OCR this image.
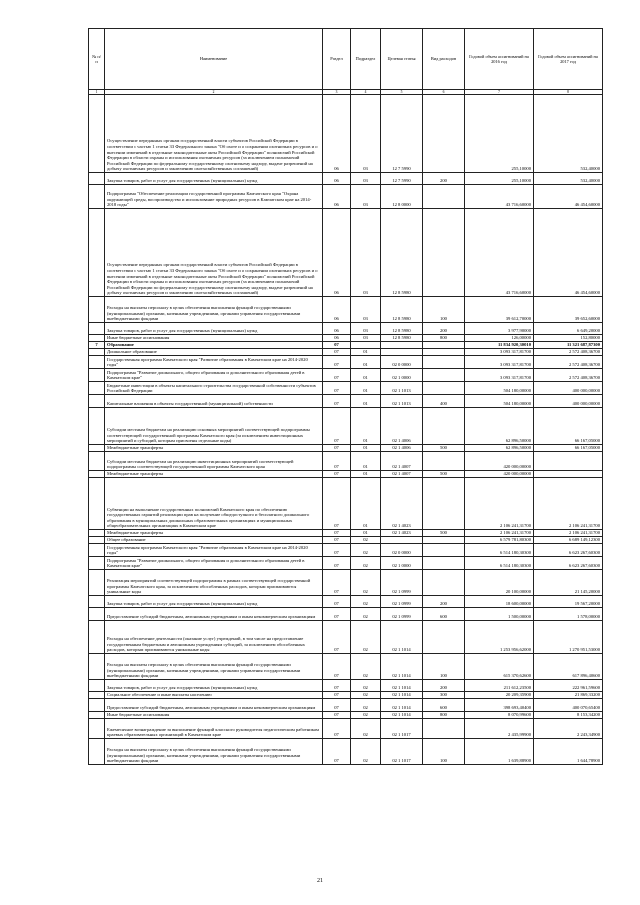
№ п/п	Наименование	Раздел	Подраздел	Целевая статья	Вид расходов	Годовой объем ассигнований на 2016 год	Годовой объем ассигнований на 2017 год
1	2	3	4	5	6	7	8
	Осуществление переданных органам государственной власти субъектов Российской Федерации в соответствии с частью 1 статьи 33 Федерального закона "Об охоте и о сохранении охотничьих ресурсов и о внесении изменений в отдельные законодательные акты Российской Федерации" полномочий Российской Федерации в области охраны и использования охотничьих ресурсов (за исключением полномочий Российской Федерации по федеральному государственному охотничьему надзору, выдаче разрешений на добычу охотничьих ресурсов и заключению охотхозяйственных соглашений)	06	03	12 7 5990		255,10000	532,40000
	Закупка товаров, работ и услуг для государственных (муниципальных) нужд	06	03	12 7 5990	200	255,10000	532,40000
	Подпрограмма "Обеспечение реализации государственной программы Камчатского края "Охрана окружающей среды, воспроизводство и использование природных ресурсов в Камчатском крае на 2014-2018 годы"	06	03	12 8 0000		43 716,60000	46 454,60000
	Осуществление переданных органам государственной власти субъектов Российской Федерации в соответствии с частью 1 статьи 33 Федерального закона "Об охоте и о сохранении охотничьих ресурсов и о внесении изменений в отдельные законодательные акты Российской Федерации" полномочий Российской Федерации в области охраны и использования охотничьих ресурсов (за исключением полномочий Российской Федерации по федеральному государственному охотничьему надзору, выдаче разрешений на добычу охотничьих ресурсов и заключению охотхозяйственных соглашений)	06	03	12 8 5980		43 716,60000	46 454,60000
	Расходы на выплаты персоналу в целях обеспечения выполнения функций государственными (муниципальными) органами, казенными учреждениями, органами управления государственными внебюджетными фондами	06	03	12 8 5980	100	39 612,70000	39 652,60000
	Закупка товаров, работ и услуг для государственных (муниципальных) нужд	06	03	12 8 5980	200	3 977,90000	6 649,20000
	Иные бюджетные ассигнования	06	03	12 8 5980	800	126,00000	152,80000
7	Образование	07				11 834 920,30010	11 321 687,87300
	Дошкольное образование	07	01			3 093 317,81700	2 572 408,36700
	Государственная программа Камчатского края "Развитие образования в Камчатском крае на 2014-2020 годы"	07	01	02 0 0000		3 093 317,81700	2 572 408,36700
	Подпрограмма "Развитие дошкольного, общего образования и дополнительного образования детей в Камчатском крае"	07	01	02 1 0000		3 093 317,81700	2 572 408,36700
	Бюджетные инвестиции в объекты капитального строительства государственной собственности субъектов Российской Федерации	07	01	02 1 1013		504 180,00000	400 000,00000
	Капитальные вложения в объекты государственной (муниципальной) собственности	07	01	02 1 1013	400	504 180,00000	400 000,00000
	Субсидии местным бюджетам на реализацию основных мероприятий соответствующей подпрограммы соответствующей государственной программы Камчатского края (за исключением инвестиционных мероприятий и субсидий, которым присвоены отдельные коды)	07	01	02 1 4006		62 896,50000	66 167,05000
	Межбюджетные трансферты	07	01	02 1 4006	500	62 896,50000	66 167,05000
	Субсидии местным бюджетам на реализацию инвестиционных мероприятий соответствующей подпрограммы соответствующей государственной программы Камчатского края	07	01	02 1 4007		420 000,00000	
	Межбюджетные трансферты	07	01	02 1 4007	500	420 000,00000	
	Субвенции на выполнение государственных полномочий Камчатского края по обеспечению государственных гарантий реализации прав на получение общедоступного и бесплатного дошкольного образования в муниципальных дошкольных образовательных организациях и муниципальных общеобразовательных организациях в Камчатском крае	07	01	02 1 4023		2 106 241,31700	2 106 241,31700
	Межбюджетные трансферты	07	01	02 1 4023	500	2 106 241,31700	2 106 241,31700
	Общее образование	07	02			6 579 781,80300	6 689 149,12300
	Государственная программа Камчатского края "Развитие образования в Камчатском крае на 2014-2020 годы"	07	02	02 0 0000		6 514 180,30300	6 623 267,60300
	Подпрограмма "Развитие дошкольного, общего образования и дополнительного образования детей в Камчатском крае"	07	02	02 1 0000		6 514 180,30300	6 623 267,60300
	Реализация мероприятий соответствующей подпрограммы в рамках соответствующей государственной программы Камчатского края, за исключением обособленных расходов, которым присваиваются уникальные коды	07	02	02 1 0999		20 100,00000	21 145,20000
	Закупка товаров, работ и услуг для государственных (муниципальных) нужд	07	02	02 1 0999	200	18 600,00000	19 567,20000
	Предоставление субсидий бюджетным, автономным учреждениям и иным некоммерческим организациям	07	02	02 1 0999	600	1 500,00000	1 578,00000
	Расходы на обеспечение деятельности (оказание услуг) учреждений, в том числе на предоставление государственным бюджетным и автономным учреждениям субсидий, за исключением обособленных расходов, которым присваиваются уникальные коды	07	02	02 1 1014		1 253 956,62000	1 270 951,53000
	Расходы на выплаты персоналу в целях обеспечения выполнения функций государственными (муниципальными) органами, казенными учреждениями, органами управления государственными внебюджетными фондами	07	02	02 1 1014	100	615 370,62600	617 896,40600
	Закупка товаров, работ и услуг для государственных (муниципальных) нужд	07	02	02 1 1014	200	211 612,23500	222 961,59600
	Социальное обеспечение и иные выплаты населению	07	02	02 1 1014	300	20 209,35900	21 869,33200
	Предоставление субсидий бюджетным, автономным учреждениям и иным некоммерческим организациям	07	02	02 1 1014	600	398 693,40400	400 070,65400
	Иные бюджетные ассигнования	07	02	02 1 1014	800	8 070,99600	8 153,34200
	Ежемесячное вознаграждение за выполнение функций классного руководителя педагогическим работникам краевых образовательных организаций в Камчатском крае	07	02	02 1 1017		2 435,99900	2 243,34900
	Расходы на выплаты персоналу в целях обеспечения выполнения функций государственными (муниципальными) органами, казенными учреждениями, органами управления государственными внебюджетными фондами	07	02	02 1 1017	100	1 639,88900	1 644,78900
21
